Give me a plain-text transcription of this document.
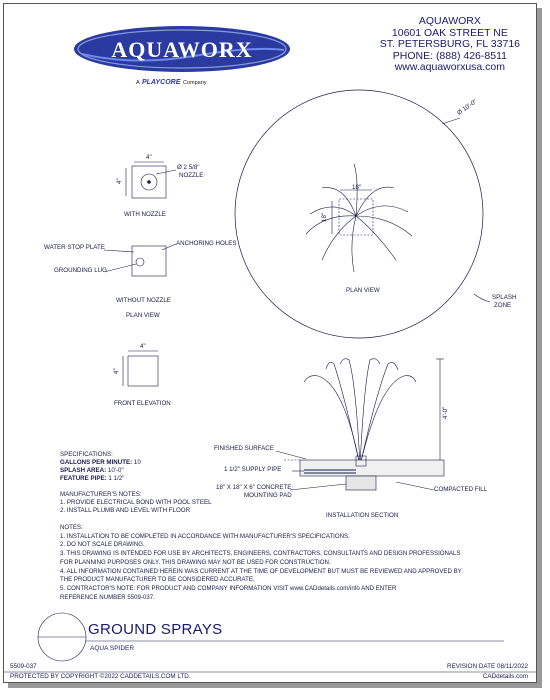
AQUAWORX
A PLAYCORE Company
AQUAWORX
10601 OAK STREET NE
ST. PETERSBURG, FL 33716
PHONE: (888) 426-8511
www.aquaworxusa.com
Ø 10'-0"
18"
18"
PLAN VIEW
SPLASH
ZONE
4"
4"
Ø 2 5/8"
NOZZLE
WITH NOZZLE
WATER STOP PLATE
ANCHORING HOLES
GROUNDING LUG
WITHOUT NOZZLE
PLAN VIEW
4"
4"
FRONT ELEVATION
4'-0"
FINISHED SURFACE
1 1/2" SUPPLY PIPE
18" X 18" X 6" CONCRETE
MOUNTING PAD
COMPACTED FILL
INSTALLATION SECTION
SPECIFICATIONS:
GALLONS PER MINUTE: 10
SPLASH AREA: 10'-0"
FEATURE PIPE: 1 1/2"
MANUFACTURER'S NOTES:
1. PROVIDE ELECTRICAL BOND WITH POOL STEEL
2. INSTALL PLUMB AND LEVEL WITH FLOOR
NOTES:
1. INSTALLATION TO BE COMPLETED IN ACCORDANCE WITH MANUFACTURER'S SPECIFICATIONS.
2. DO NOT SCALE DRAWING.
3. THIS DRAWING IS INTENDED FOR USE BY ARCHITECTS, ENGINEERS, CONTRACTORS, CONSULTANTS AND DESIGN PROFESSIONALS
FOR PLANNING PURPOSES ONLY. THIS DRAWING MAY NOT BE USED FOR CONSTRUCTION.
4. ALL INFORMATION CONTAINED HEREIN WAS CURRENT AT THE TIME OF DEVELOPMENT BUT MUST BE REVIEWED AND APPROVED BY
THE PRODUCT MANUFACTURER TO BE CONSIDERED ACCURATE.
5. CONTRACTOR'S NOTE: FOR PRODUCT AND COMPANY INFORMATION VISIT www.CADdetails.com/info AND ENTER
REFERENCE NUMBER 5509-037.
GROUND SPRAYS
AQUA SPIDER
5509-037	REVISION DATE 08/11/2022
PROTECTED BY COPYRIGHT ©2022 CADDETAILS.COM LTD.	CADdetails.com
